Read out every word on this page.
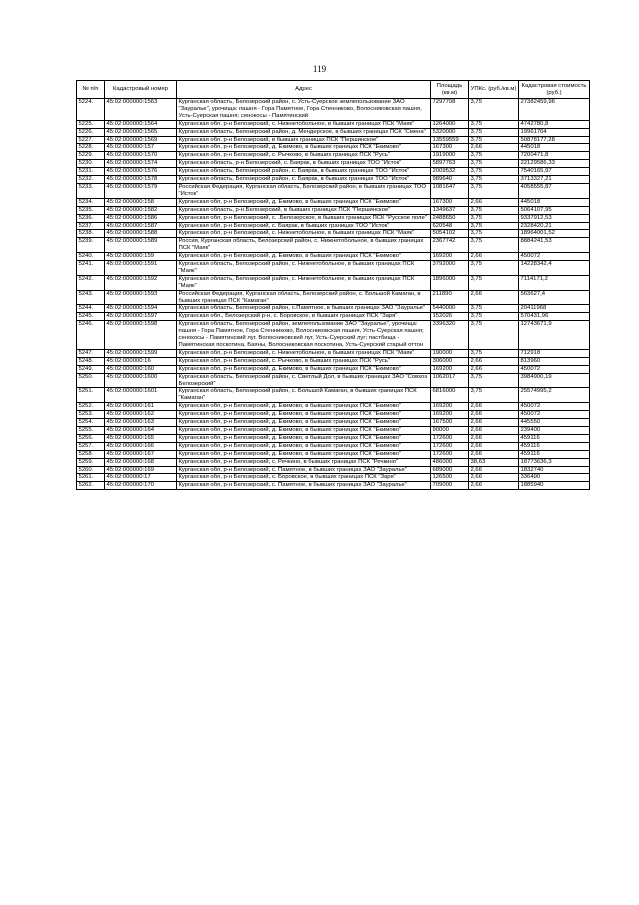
119
№ п/п	Кадастровый номер	Адрес	Площадь (кв.м)	УПКс. (руб./кв.м)	Кадастровая стоимость (руб.)
5224.	45:02:000000:1563	Курганская область, Белозерский район, с. Усть-Суерское землепользование ЗАО "Зауралье", урочища: пашня - Гора Памятное, Гора Стенниково, Волосниковская пашня, Усть-Суерская пашня; сенокосы - Памятинский	7297708	3,75	27382459,96
5225.	45:02:000000:1564	Курганская обл, р-н Белозерский, с. Нижнетобольное, в бывших границах ПСК "Маяк"	1264000	3,75	4742780,8
5226.	45:02:000000:1565	Курганская область, Белозерский район, д. Мендерское, в бывших границах ПСК "Смена"	5320000	3,75	19961704
5227.	45:02:000000:1569	Курганская обл, р-н Белозерский, в бывших границах ПСК "Першинское"	13559559	3,75	50878177,28
5228.	45:02:000000:157	Курганская обл, р-н Белозерский, д. Екимово, в бывших границах ПСК "Екимово"	167300	2,66	445018
5229.	45:02:000000:1570	Курганская обл, р-н Белозерский, с. Рычково, в бывших границах ПСК "Русь"	1919000	3,75	7200471,8
5230.	45:02:000000:1574	Курганская область, р-н Белозерский, с. Баярак, в бывших границах ТОО "Исток"	5897763	3,75	22129586,33
5231.	45:02:000000:1576	Курганская область, Белозерский район, с. Баярак, в бывших границах ТОО "Исток"	2009532	3,75	7540165,97
5232.	45:02:000000:1578	Курганская область, Белозерский район, с. Баярак, в бывших границах ТОО "Исток"	989640	3,75	3713327,21
5233.	45:02:000000:1579	Российская Федерация, Курганская область, Белозерский район, в бывших границах ТОО "Исток"	1081647	3,75	4058555,87
5234.	45:02:000000:158	Курганская обл, р-н Белозерский, д. Екимово, в бывших границах ПСК "Екимово"	167300	2,66	445018
5235.	45:02:000000:1582	Курганская область, р-н Белозерский, в бывших границах ПСК "Першинское"	1349637	3,75	5064107,95
5236.	45:02:000000:1586	Курганская обл, р-н Белозерский, с. .Белозерское, в бывших границах ПСК "Русское поле"	2488650	3,75	9337912,53
5237.	45:02:000000:1587	Курганская обл, р-н Белозерский, с. Баярак, в бывших границах ТОО "Исток"	620548	3,75	2328420,21
5238.	45:02:000000:1588	Курганская обл, р-н Белозерский, с. Нижнетобольное, в бывших границах ПСК "Маяк"	5054102	3,75	18964001,52
5239.	45:02:000000:1589	Россия, Курганская область, Белозерский район, с. Нижнетобольное, в бывших границах ПСК "Маяк"	2367742	3,75	8884241,53
5240.	45:02:000000:159	Курганская обл, р-н Белозерский, д. Екимово, в бывших границах ПСК "Екимово"	169200	2,66	450072
5241.	45:02:000000:1591	Курганская область, Белозерский район, с. Нижнетобольное, в бывших границах ПСК "Маяк"	3792000	3,75	14228342,4
5242.	45:02:000000:1592	Курганская область, Белозерский район, с. Нижнетобольное, в бывших границах ПСК "Маяк"	1896000	3,75	7114171,2
5243.	45:02:000000:1593	Российская Федерация, Курганская область, Белозерский район, с. Большой Камаган, в бывших границах ПСК "Камаган"	211890	2,66	563627,4
5244.	45:02:000000:1594	Курганская область, Белозерский район, с.Памятное, в бывших границах ЗАО "Зауралье"	5440000	3,75	20411968
5245.	45:02:000000:1597	Курганская обл., Белозерский р-н, с. Боровское, в бывших границах ПСК "Заря"	152026	3,75	570431,96
5246.	45:02:000000:1598	Курганская область, Белозерский район, землепользование ЗАО "Зауралье", урочища: пашня - Гора Памятное, Гора Стенниково, Волосниковская пашня, Усть-Суерская пашня; сенокосы - Памятинский луг, Волосниковский луг, Усть-Суерский луг; пастбища - Памятинская поскотина, Баяны, Волосниковская поскотина, Усть-Суерский старый оттон	3396320	3,75	12743671,9
5247.	45:02:000000:1599	Курганская обл, р-н Белозерский, с. Нижнетобольное, в бывших границах ПСК "Маяк"	190000	3,75	712918
5248.	45:02:000000:16	Курганская обл, р-н Белозерский, с. Рычково, в бывших границах ПСК "Русь"	306000	2,66	813960
5249.	45:02:000000:160	Курганская обл, р-н Белозерский, д. Екимово, в бывших границах ПСК "Екимово"	169200	2,66	450072
5250.	45:02:000000:1600	Курганская область, Белозерский район, с. Светлый Дол, в бывших границах ЗАО "Совхоз Белозерский"	1062017	3,75	3984900,19
5251.	45:02:000000:1601	Курганская область, Белозерский район, с. Большой Камаган, в бывших границах ПСК "Камаган"	6816000	3,75	25574995,2
5252.	45:02:000000:161	Курганская обл, р-н Белозерский, д. Екимово, в бывших границах ПСК "Екимово"	169200	2,66	450072
5253.	45:02:000000:162	Курганская обл, р-н Белозерский, д. Екимово, в бывших границах ПСК "Екимово"	169200	2,66	450072
5254.	45:02:000000:163	Курганская обл, р-н Белозерский, д. Екимово, в бывших границах ПСК "Екимово"	167500	2,66	445550
5255.	45:02:000000:164	Курганская обл, р-н Белозерский, д. Екимово, в бывших границах ПСК "Екимово"	90000	2,66	239400
5256.	45:02:000000:165	Курганская обл, р-н Белозерский, д. Екимово, в бывших границах ПСК "Екимово"	172600	2,66	459116
5257.	45:02:000000:166	Курганская обл, р-н Белозерский, д. Екимово, в бывших границах ПСК "Екимово"	172600	2,66	459116
5258.	45:02:000000:167	Курганская обл, р-н Белозерский, д. Екимово, в бывших границах ПСК "Екимово"	172600	2,66	459116
5259.	45:02:000000:168	Курганская обл, р-н Белозерский, с. Речкино, в бывших границах ПСК "Речкино"	486000	38,63	18773636,3
5260.	45:02:000000:169	Курганская обл, р-н Белозерский, с. Памятное, в бывших границах ЗАО "Зауралье"	689000	2,66	1832740
5261.	45:02:000000:17	Курганская обл, р-н Белозерский, с. Боровское, в бывших границах ПСК "Заря"	126500	2,66	336490
5262.	45:02:000000:170	Курганская обл, р-н Белозерский, с. Памятное, в бывших границах ЗАО "Зауралье"	709000	2,66	1885940
